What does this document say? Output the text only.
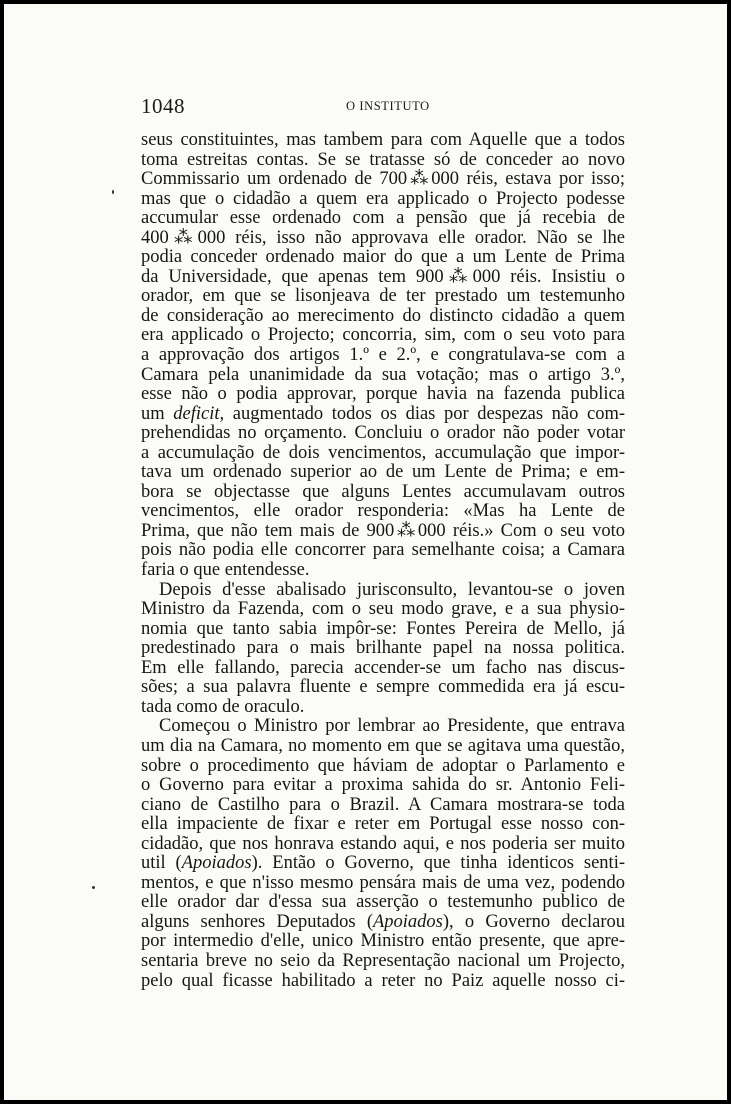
1048	O INSTITUTO

seus constituintes, mas tambem para com Aquelle que a todos

toma estreitas contas. Se se tratasse só de conceder ao novo

Commissario um ordenado de 700⁂000 réis, estava por isso;

mas que o cidadão a quem era applicado o Projecto podesse

accumular esse ordenado com a pensão que já recebia de

400⁂000 réis, isso não approvava elle orador. Não se lhe

podia conceder ordenado maior do que a um Lente de Prima

da Universidade, que apenas tem 900⁂000 réis. Insistiu o

orador, em que se lisonjeava de ter prestado um testemunho

de consideração ao merecimento do distincto cidadão a quem

era applicado o Projecto; concorria, sim, com o seu voto para

a approvação dos artigos 1.º e 2.º, e congratulava-se com a

Camara pela unanimidade da sua votação; mas o artigo 3.º,

esse não o podia approvar, porque havia na fazenda publica

um deficit, augmentado todos os dias por despezas não com-

prehendidas no orçamento. Concluiu o orador não poder votar

a accumulação de dois vencimentos, accumulação que impor-

tava um ordenado superior ao de um Lente de Prima; e em-

bora se objectasse que alguns Lentes accumulavam outros

vencimentos, elle orador responderia: «Mas ha Lente de

Prima, que não tem mais de 900⁂000 réis.» Com o seu voto

pois não podia elle concorrer para semelhante coisa; a Camara

faria o que entendesse.

Depois d'esse abalisado jurisconsulto, levantou-se o joven

Ministro da Fazenda, com o seu modo grave, e a sua physio-

nomia que tanto sabia impôr-se: Fontes Pereira de Mello, já

predestinado para o mais brilhante papel na nossa politica.

Em elle fallando, parecia accender-se um facho nas discus-

sões; a sua palavra fluente e sempre commedida era já escu-

tada como de oraculo.

Começou o Ministro por lembrar ao Presidente, que entrava

um dia na Camara, no momento em que se agitava uma questão,

sobre o procedimento que háviam de adoptar o Parlamento e

o Governo para evitar a proxima sahida do sr. Antonio Feli-

ciano de Castilho para o Brazil. A Camara mostrara-se toda

ella impaciente de fixar e reter em Portugal esse nosso con-

cidadão, que nos honrava estando aqui, e nos poderia ser muito

util (Apoiados). Então o Governo, que tinha identicos senti-

mentos, e que n'isso mesmo pensára mais de uma vez, podendo

elle orador dar d'essa sua asserção o testemunho publico de

alguns senhores Deputados (Apoiados), o Governo declarou

por intermedio d'elle, unico Ministro então presente, que apre-

sentaria breve no seio da Representação nacional um Projecto,

pelo qual ficasse habilitado a reter no Paiz aquelle nosso ci-
